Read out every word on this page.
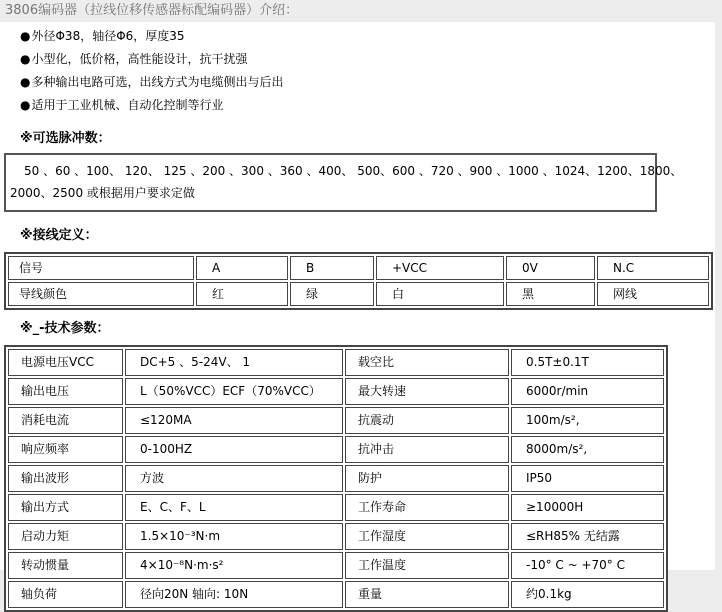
3806编码器（拉线位移传感器标配编码器）介绍：
●外径Φ38，轴径Φ6，厚度35
●小型化，低价格，高性能设计，抗干扰强
●多种输出电路可选，出线方式为电缆侧出与后出
●适用于工业机械、自动化控制等行业
※可选脉冲数：
50 、60 、100、 120、 125 、200 、300 、360 、400、 500、600 、720 、900 、1000 、1024、1200、1800、
2000、2500 或根据用户要求定做
※接线定义：
信号	A	B	+VCC	0V	N.C
导线颜色	红	绿	白	黑	网线
※_-技术参数：
电源电压VCC	DC+5 、5-24V、 1	载空比	0.5T±0.1T
输出电压	L（50%VCC）ECF（70%VCC）	最大转速	6000r/min
消耗电流	≤120MA	抗震动	100m/s²,
响应频率	0-100HZ	抗冲击	8000m/s²,
输出波形	方波	防护	IP50
输出方式	E、C、F、L	工作寿命	≥10000H
启动力矩	1.5×10⁻³N·m	工作湿度	≤RH85% 无结露
转动惯量	4×10⁻⁸N·m·s²	工作温度	-10° C ~ +70° C
轴负荷	径向20N 轴向: 10N	重量	约0.1kg
